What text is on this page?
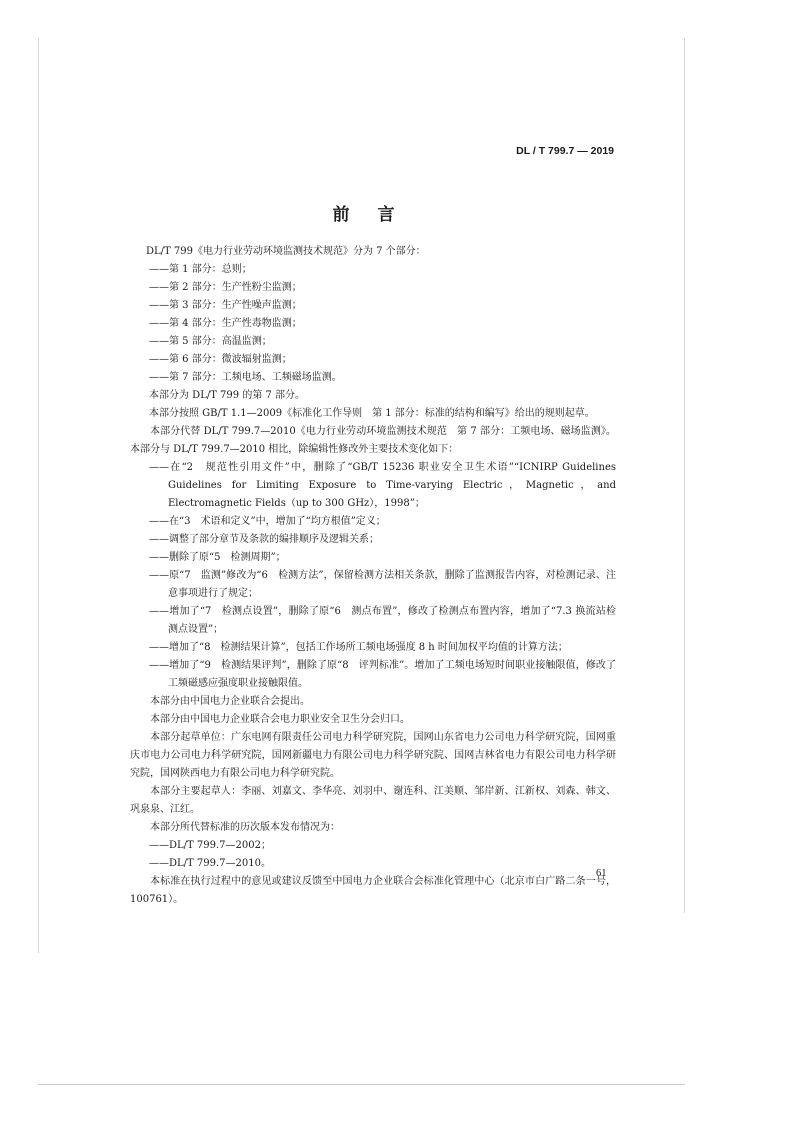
DL / T 799.7 — 2019
前言
DL/T 799《电力行业劳动环境监测技术规范》分为 7 个部分：
——第 1 部分：总则；
——第 2 部分：生产性粉尘监测；
——第 3 部分：生产性噪声监测；
——第 4 部分：生产性毒物监测；
——第 5 部分：高温监测；
——第 6 部分：微波辐射监测；
——第 7 部分：工频电场、工频磁场监测。
本部分为 DL/T 799 的第 7 部分。
本部分按照 GB/T 1.1—2009《标准化工作导则　第 1 部分：标准的结构和编写》给出的规则起草。
本部分代替 DL/T 799.7—2010《电力行业劳动环境监测技术规范　第 7 部分：工频电场、磁场监测》。本部分与 DL/T 799.7—2010 相比，除编辑性修改外主要技术变化如下：
——在“2　规范性引用文件”中，删除了“GB/T 15236 职业安全卫生术语”“ICNIRP Guidelines Guidelines for Limiting Exposure to Time-varying Electric，Magnetic，and Electromagnetic Fields（up to 300 GHz），1998”；
——在“3　术语和定义”中，增加了“均方根值”定义；
——调整了部分章节及条款的编排顺序及逻辑关系；
——删除了原“5　检测周期”；
——原“7　监测”修改为“6　检测方法”，保留检测方法相关条款，删除了监测报告内容，对检测记录、注意事项进行了规定；
——增加了“7　检测点设置”，删除了原“6　测点布置”，修改了检测点布置内容，增加了“7.3 换流站检测点设置”；
——增加了“8　检测结果计算”，包括工作场所工频电场强度 8 h 时间加权平均值的计算方法；
——增加了“9　检测结果评判”，删除了原“8　评判标准”。增加了工频电场短时间职业接触限值，修改了工频磁感应强度职业接触限值。
本部分由中国电力企业联合会提出。
本部分由中国电力企业联合会电力职业安全卫生分会归口。
本部分起草单位：广东电网有限责任公司电力科学研究院，国网山东省电力公司电力科学研究院，国网重庆市电力公司电力科学研究院，国网新疆电力有限公司电力科学研究院、国网吉林省电力有限公司电力科学研究院，国网陕西电力有限公司电力科学研究院。
本部分主要起草人：李丽、刘嘉文、李华亮、刘羽中、谢连科、江美顺、邹岸新、江新权、刘森、韩文、巩泉泉、江红。
本部分所代替标准的历次版本发布情况为：
——DL/T 799.7—2002；
——DL/T 799.7—2010。
本标准在执行过程中的意见或建议反馈至中国电力企业联合会标准化管理中心（北京市白广路二条一号，100761）。
61
